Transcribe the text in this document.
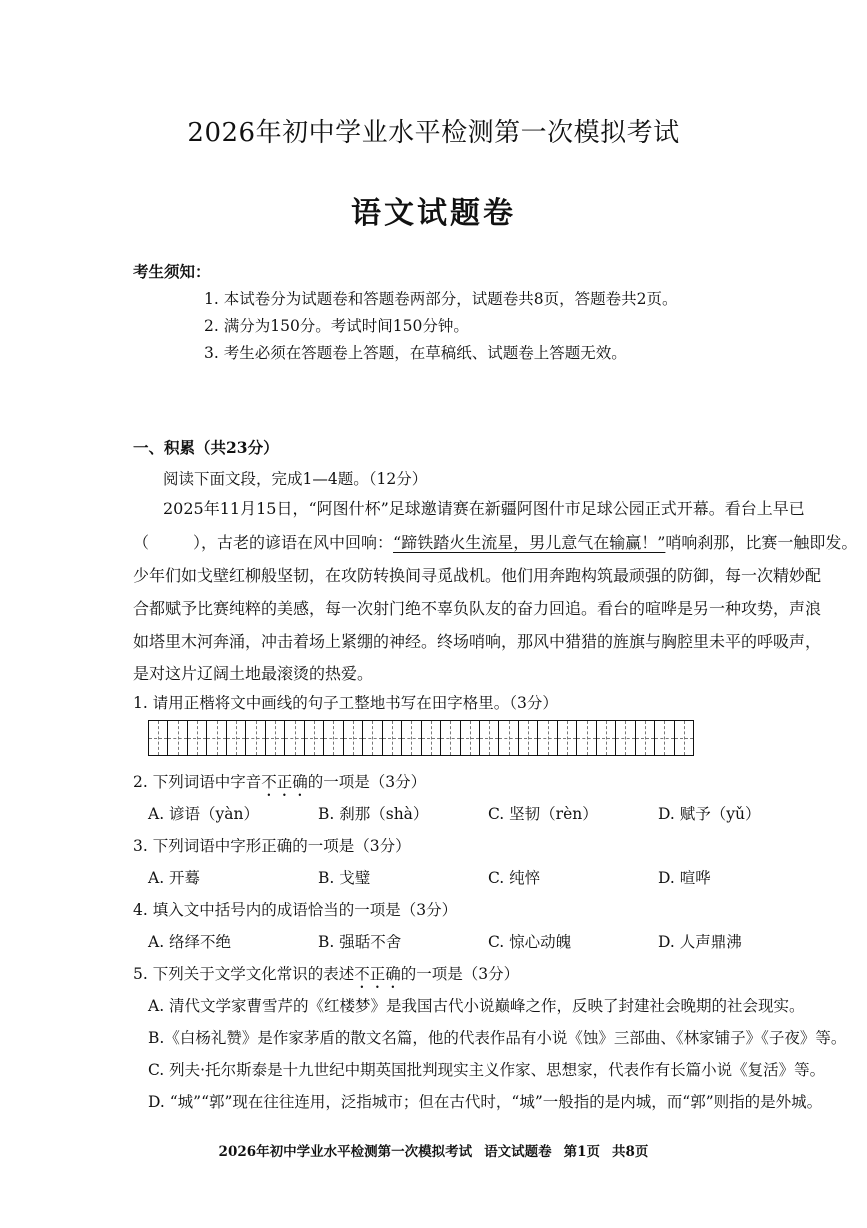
2026年初中学业水平检测第一次模拟考试
语文试题卷
考生须知：
1. 本试卷分为试题卷和答题卷两部分，试题卷共8页，答题卷共2页。
2. 满分为150分。考试时间150分钟。
3. 考生必须在答题卷上答题，在草稿纸、试题卷上答题无效。
一、积累（共23分）
阅读下面文段，完成1—4题。（12分）
2025年11月15日，“阿图什杯”足球邀请赛在新疆阿图什市足球公园正式开幕。看台上早已
（	），古老的谚语在风中回响：“蹄铁踏火生流星，男儿意气在输赢！”哨响刹那，比赛一触即发。
少年们如戈壁红柳般坚韧，在攻防转换间寻觅战机。他们用奔跑构筑最顽强的防御，每一次精妙配
合都赋予比赛纯粹的美感，每一次射门绝不辜负队友的奋力回追。看台的喧哗是另一种攻势，声浪
如塔里木河奔涌，冲击着场上紧绷的神经。终场哨响，那风中猎猎的旌旗与胸腔里未平的呼吸声，
是对这片辽阔土地最滚烫的热爱。
1. 请用正楷将文中画线的句子工整地书写在田字格里。（3分）
2. 下列词语中字音不正确的一项是（3分）
A. 谚语（yàn）	B. 刹那（shà）	C. 坚韧（rèn）	D. 赋予（yǔ）
3. 下列词语中字形正确的一项是（3分）
A. 开蓦	B. 戈璧	C. 纯悴	D. 喧哗
4. 填入文中括号内的成语恰当的一项是（3分）
A. 络绎不绝	B. 强聒不舍	C. 惊心动魄	D. 人声鼎沸
5. 下列关于文学文化常识的表述不正确的一项是（3分）
A. 清代文学家曹雪芹的《红楼梦》是我国古代小说巅峰之作，反映了封建社会晚期的社会现实。
B.《白杨礼赞》是作家茅盾的散文名篇，他的代表作品有小说《蚀》三部曲、《林家铺子》《子夜》等。
C. 列夫·托尔斯泰是十九世纪中期英国批判现实主义作家、思想家，代表作有长篇小说《复活》等。
D. “城”“郭”现在往往连用，泛指城市；但在古代时，“城”一般指的是内城，而“郭”则指的是外城。
2026年初中学业水平检测第一次模拟考试 语文试题卷 第1页 共8页
